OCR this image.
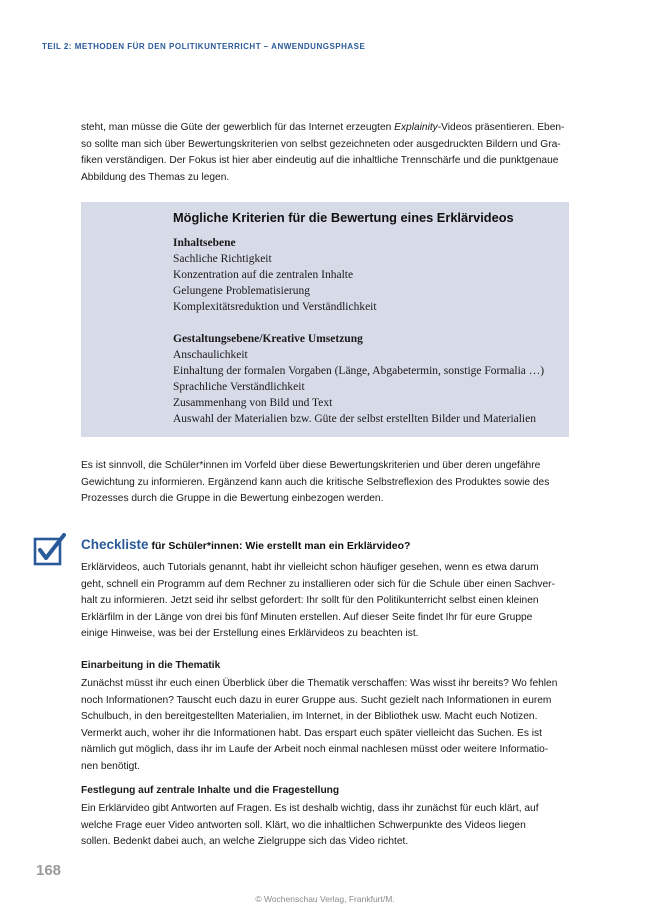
TEIL 2: METHODEN FÜR DEN POLITIKUNTERRICHT – ANWENDUNGSPHASE
steht, man müsse die Güte der gewerblich für das Internet erzeugten Explainity-Videos präsentieren. Eben-
so sollte man sich über Bewertungskriterien von selbst gezeichneten oder ausgedruckten Bildern und Gra-
fiken verständigen. Der Fokus ist hier aber eindeutig auf die inhaltliche Trennschärfe und die punktgenaue
Abbildung des Themas zu legen.
Mögliche Kriterien für die Bewertung eines Erklärvideos
Inhaltsebene
Sachliche Richtigkeit
Konzentration auf die zentralen Inhalte
Gelungene Problematisierung
Komplexitätsreduktion und Verständlichkeit
Gestaltungsebene/Kreative Umsetzung
Anschaulichkeit
Einhaltung der formalen Vorgaben (Länge, Abgabetermin, sonstige Formalia …)
Sprachliche Verständlichkeit
Zusammenhang von Bild und Text
Auswahl der Materialien bzw. Güte der selbst erstellten Bilder und Materialien
Es ist sinnvoll, die Schüler*innen im Vorfeld über diese Bewertungskriterien und über deren ungefähre
Gewichtung zu informieren. Ergänzend kann auch die kritische Selbstreflexion des Produktes sowie des
Prozesses durch die Gruppe in die Bewertung einbezogen werden.
Checkliste für Schüler*innen: Wie erstellt man ein Erklärvideo?
Erklärvideos, auch Tutorials genannt, habt ihr vielleicht schon häufiger gesehen, wenn es etwa darum
geht, schnell ein Programm auf dem Rechner zu installieren oder sich für die Schule über einen Sachver-
halt zu informieren. Jetzt seid ihr selbst gefordert: Ihr sollt für den Politikunterricht selbst einen kleinen
Erklärfilm in der Länge von drei bis fünf Minuten erstellen. Auf dieser Seite findet Ihr für eure Gruppe
einige Hinweise, was bei der Erstellung eines Erklärvideos zu beachten ist.
Einarbeitung in die Thematik
Zunächst müsst ihr euch einen Überblick über die Thematik verschaffen: Was wisst ihr bereits? Wo fehlen
noch Informationen? Tauscht euch dazu in eurer Gruppe aus. Sucht gezielt nach Informationen in eurem
Schulbuch, in den bereitgestellten Materialien, im Internet, in der Bibliothek usw. Macht euch Notizen.
Vermerkt auch, woher ihr die Informationen habt. Das erspart euch später vielleicht das Suchen. Es ist
nämlich gut möglich, dass ihr im Laufe der Arbeit noch einmal nachlesen müsst oder weitere Informatio-
nen benötigt.
Festlegung auf zentrale Inhalte und die Fragestellung
Ein Erklärvideo gibt Antworten auf Fragen. Es ist deshalb wichtig, dass ihr zunächst für euch klärt, auf
welche Frage euer Video antworten soll. Klärt, wo die inhaltlichen Schwerpunkte des Videos liegen
sollen. Bedenkt dabei auch, an welche Zielgruppe sich das Video richtet.
168
© Wochenschau Verlag, Frankfurt/M.
